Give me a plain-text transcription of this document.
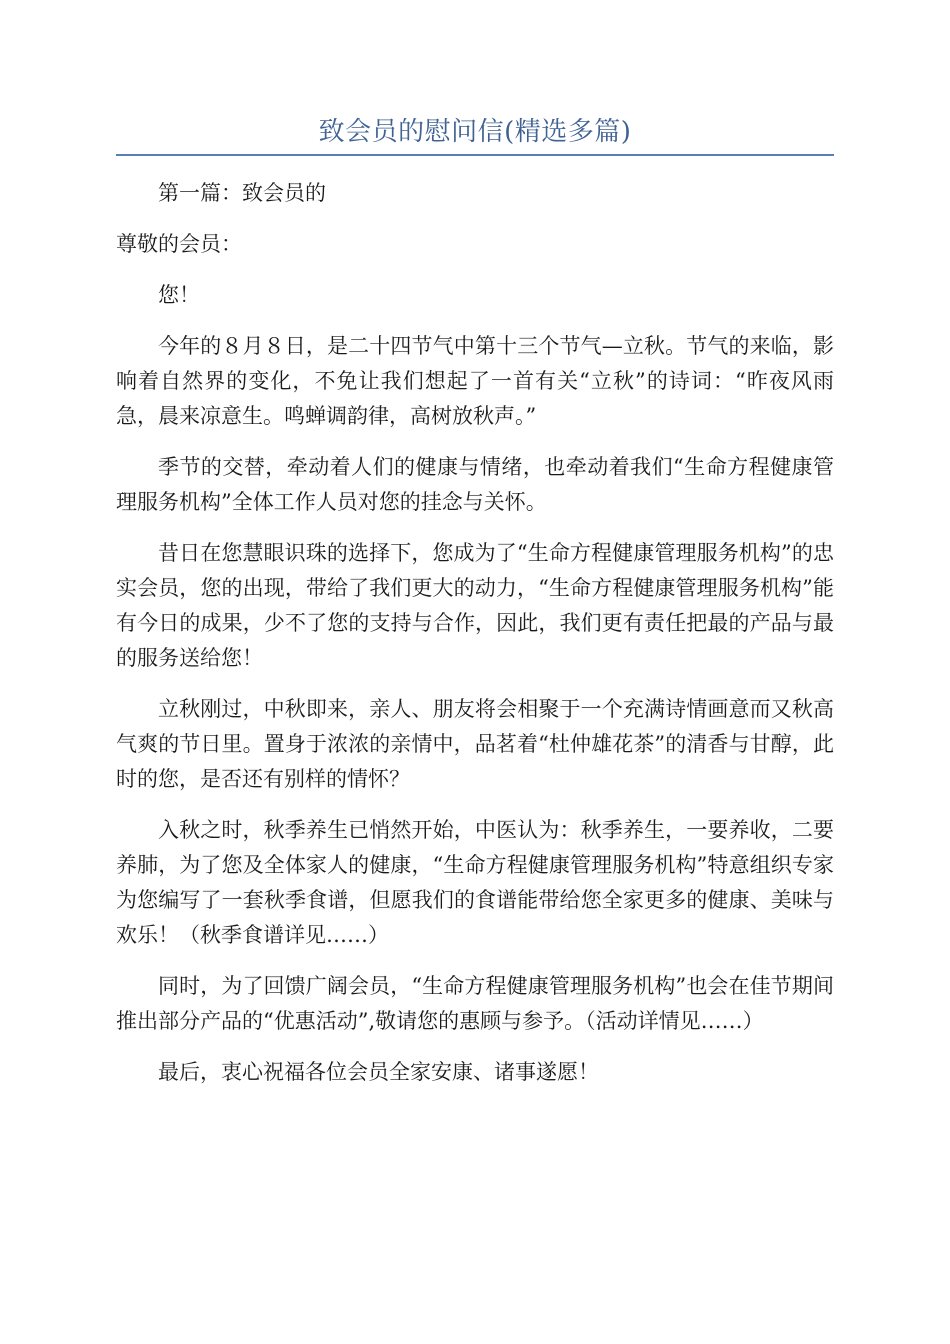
致会员的慰问信(精选多篇)

第一篇：致会员的

尊敬的会员：

您！

今年的８月８日，是二十四节气中第十三个节气—立秋。节气的来临，影响着自然界的变化，不免让我们想起了一首有关“立秋”的诗词：“昨夜风雨急，晨来凉意生。鸣蝉调韵律，高树放秋声。”

季节的交替，牵动着人们的健康与情绪，也牵动着我们“生命方程健康管理服务机构”全体工作人员对您的挂念与关怀。

昔日在您慧眼识珠的选择下，您成为了“生命方程健康管理服务机构”的忠实会员，您的出现，带给了我们更大的动力，“生命方程健康管理服务机构”能有今日的成果，少不了您的支持与合作，因此，我们更有责任把最的产品与最的服务送给您！

立秋刚过，中秋即来，亲人、朋友将会相聚于一个充满诗情画意而又秋高气爽的节日里。置身于浓浓的亲情中，品茗着“杜仲雄花茶”的清香与甘醇，此时的您，是否还有别样的情怀？

入秋之时，秋季养生已悄然开始，中医认为：秋季养生，一要养收，二要养肺，为了您及全体家人的健康，“生命方程健康管理服务机构”特意组织专家为您编写了一套秋季食谱，但愿我们的食谱能带给您全家更多的健康、美味与欢乐！（秋季食谱详见……）

同时，为了回馈广阔会员，“生命方程健康管理服务机构”也会在佳节期间推出部分产品的“优惠活动”,敬请您的惠顾与参予。（活动详情见……）

最后，衷心祝福各位会员全家安康、诸事遂愿！
